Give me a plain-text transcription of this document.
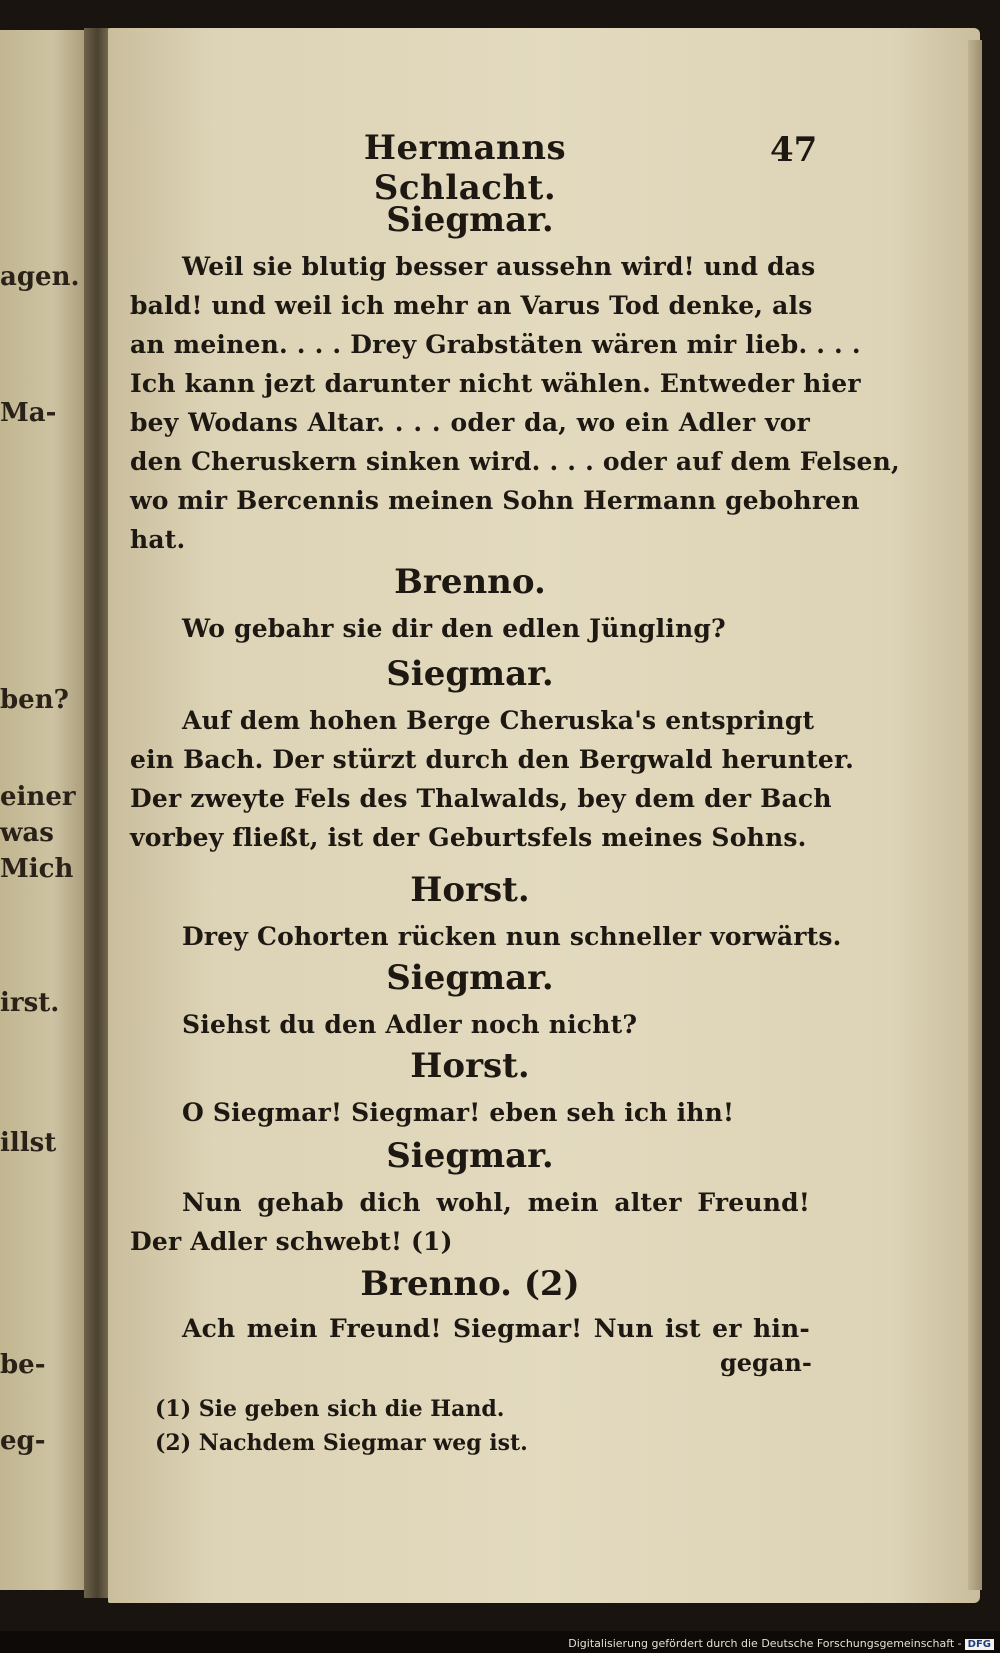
agen.
Ma-
ben?
einer
was
Mich
irst.
illst
be-
eg-
Hermanns Schlacht.
47
Siegmar.
Weil sie blutig besser aussehn wird! und das
bald! und weil ich mehr an Varus Tod denke, als
an meinen. . . . Drey Grabstäten wären mir lieb. . . .
Ich kann jezt darunter nicht wählen. Entweder hier
bey Wodans Altar. . . . oder da, wo ein Adler vor
den Cheruskern sinken wird. . . . oder auf dem Felsen,
wo mir Bercennis meinen Sohn Hermann gebohren
hat.
Brenno.
Wo gebahr sie dir den edlen Jüngling?
Siegmar.
Auf dem hohen Berge Cheruska's entspringt
ein Bach. Der stürzt durch den Bergwald herunter.
Der zweyte Fels des Thalwalds, bey dem der Bach
vorbey fließt, ist der Geburtsfels meines Sohns.
Horst.
Drey Cohorten rücken nun schneller vorwärts.
Siegmar.
Siehst du den Adler noch nicht?
Horst.
O Siegmar! Siegmar! eben seh ich ihn!
Siegmar.
Nun gehab dich wohl, mein alter Freund!
Der Adler schwebt! (1)
Brenno. (2)
Ach mein Freund! Siegmar! Nun ist er hin-
gegan-
(1) Sie geben sich die Hand.
(2) Nachdem Siegmar weg ist.
Digitalisierung gefördert durch die Deutsche Forschungsgemeinschaft - DFG
